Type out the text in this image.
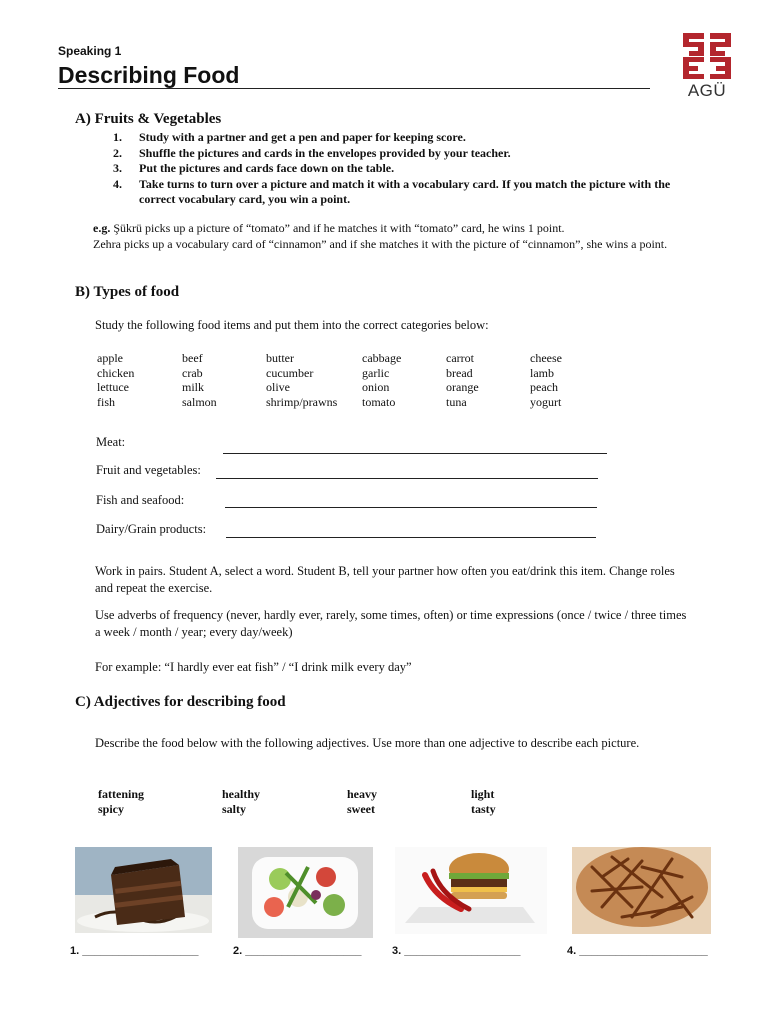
Speaking 1
Describing Food
AGÜ
A) Fruits & Vegetables
1. Study with a partner and get a pen and paper for keeping score.
2. Shuffle the pictures and cards in the envelopes provided by your teacher.
3. Put the pictures and cards face down on the table.
4. Take turns to turn over a picture and match it with a vocabulary card. If you match the picture with the correct vocabulary card, you win a point.
e.g. Şükrü picks up a picture of “tomato” and if he matches it with “tomato” card, he wins 1 point.
Zehra picks up a vocabulary card of “cinnamon” and if she matches it with the picture of “cinnamon”, she wins a point.
B) Types of food
Study the following food items and put them into the correct categories below:
apple	beef	butter	cabbage	carrot	cheese
chicken	crab	cucumber	garlic	bread	lamb
lettuce	milk	olive	onion	orange	peach
fish	salmon	shrimp/prawns	tomato	tuna	yogurt
Meat:
Fruit and vegetables:
Fish and seafood:
Dairy/Grain products:
Work in pairs. Student A, select a word. Student B, tell your partner how often you eat/drink this item. Change roles and repeat the exercise.
Use adverbs of frequency (never, hardly ever, rarely, some times, often) or time expressions (once / twice / three times a week / month / year; every day/week)
For example: “I hardly ever eat fish” / “I drink milk every day”
C) Adjectives for describing food
Describe the food below with the following adjectives. Use more than one adjective to describe each picture.
fattening	healthy	heavy	light
spicy	salty	sweet	tasty
1. ___________________	2. ___________________	3. ___________________	4. _____________________
